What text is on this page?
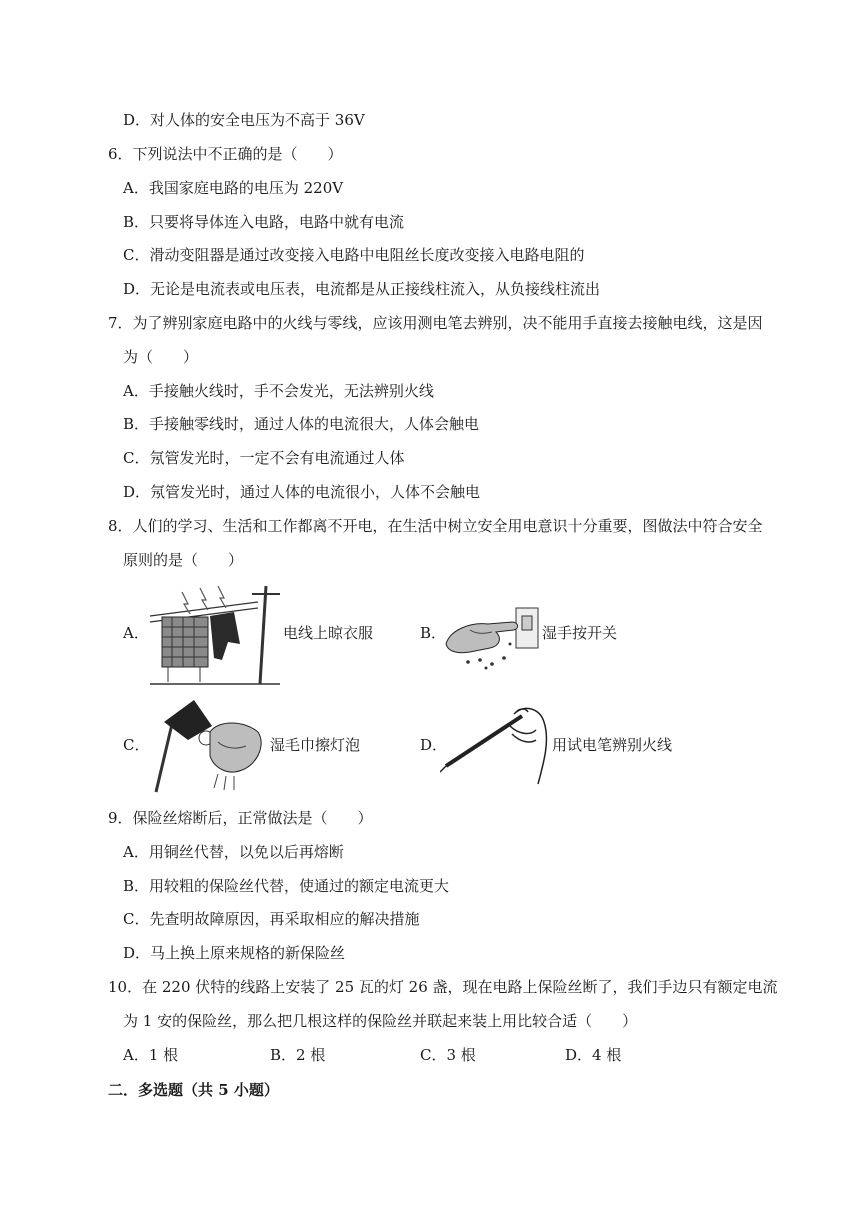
D．对人体的安全电压为不高于 36V
6．下列说法中不正确的是（　　）
A．我国家庭电路的电压为 220V
B．只要将导体连入电路，电路中就有电流
C．滑动变阻器是通过改变接入电路中电阻丝长度改变接入电路电阻的
D．无论是电流表或电压表，电流都是从正接线柱流入，从负接线柱流出
7．为了辨别家庭电路中的火线与零线，应该用测电笔去辨别，决不能用手直接去接触电线，这是因
为（　　）
A．手接触火线时，手不会发光，无法辨别火线
B．手接触零线时，通过人体的电流很大，人体会触电
C．氖管发光时，一定不会有电流通过人体
D．氖管发光时，通过人体的电流很小，人体不会触电
8．人们的学习、生活和工作都离不开电，在生活中树立安全用电意识十分重要，图做法中符合安全
原则的是（　　）
A．	电线上晾衣服	B．	湿手按开关
C．	湿毛巾擦灯泡	D．	用试电笔辨别火线
9．保险丝熔断后，正常做法是（　　）
A．用铜丝代替，以免以后再熔断
B．用较粗的保险丝代替，使通过的额定电流更大
C．先查明故障原因，再采取相应的解决措施
D．马上换上原来规格的新保险丝
10．在 220 伏特的线路上安装了 25 瓦的灯 26 盏，现在电路上保险丝断了，我们手边只有额定电流
为 1 安的保险丝，那么把几根这样的保险丝并联起来装上用比较合适（　　）
A．1 根	B．2 根	C．3 根	D．4 根
二．多选题（共 5 小题）
